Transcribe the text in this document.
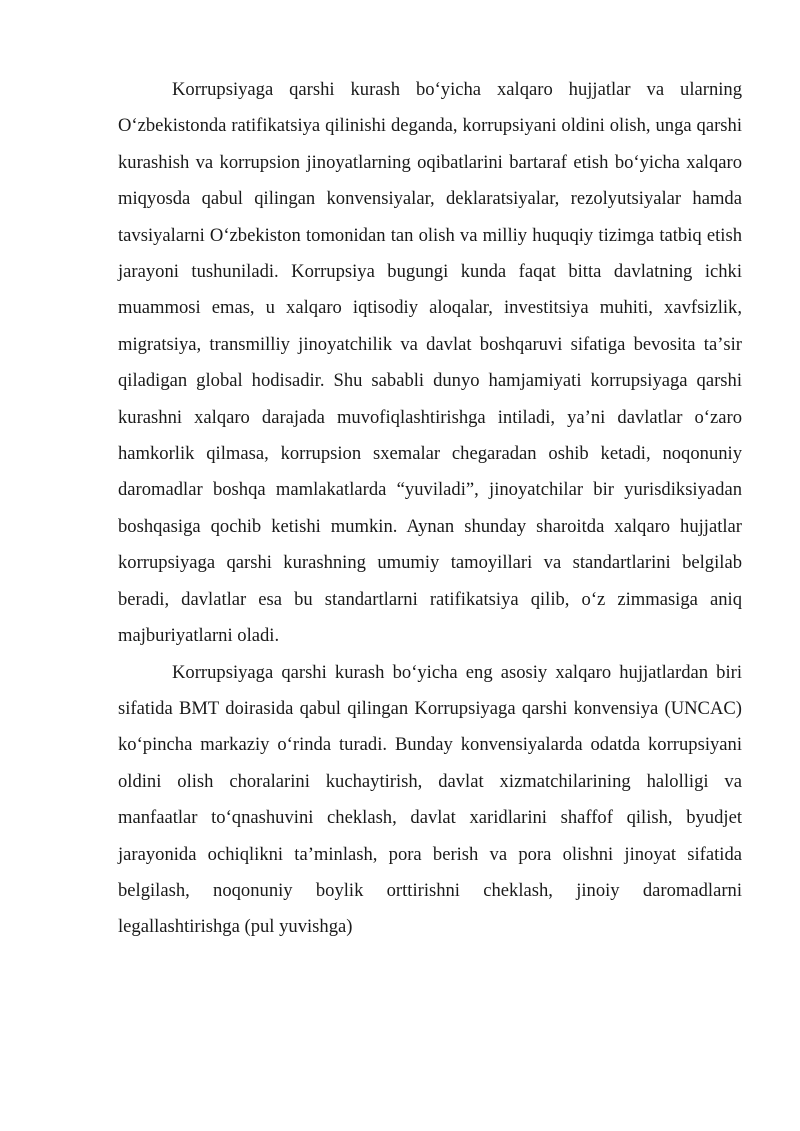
Korrupsiyaga qarshi kurash boʻyicha xalqaro hujjatlar va ularning Oʻzbekistonda ratifikatsiya qilinishi deganda, korrupsiyani oldini olish, unga qarshi kurashish va korrupsion jinoyatlarning oqibatlarini bartaraf etish boʻyicha xalqaro miqyosda qabul qilingan konvensiyalar, deklaratsiyalar, rezolyutsiyalar hamda tavsiyalarni Oʻzbekiston tomonidan tan olish va milliy huquqiy tizimga tatbiq etish jarayoni tushuniladi. Korrupsiya bugungi kunda faqat bitta davlatning ichki muammosi emas, u xalqaro iqtisodiy aloqalar, investitsiya muhiti, xavfsizlik, migratsiya, transmilliy jinoyatchilik va davlat boshqaruvi sifatiga bevosita taʼsir qiladigan global hodisadir. Shu sababli dunyo hamjamiyati korrupsiyaga qarshi kurashni xalqaro darajada muvofiqlashtirishga intiladi, yaʼni davlatlar oʻzaro hamkorlik qilmasa, korrupsion sxemalar chegaradan oshib ketadi, noqonuniy daromadlar boshqa mamlakatlarda “yuviladi”, jinoyatchilar bir yurisdiksiyadan boshqasiga qochib ketishi mumkin. Aynan shunday sharoitda xalqaro hujjatlar korrupsiyaga qarshi kurashning umumiy tamoyillari va standartlarini belgilab beradi, davlatlar esa bu standartlarni ratifikatsiya qilib, oʻz zimmasiga aniq majburiyatlarni oladi.

Korrupsiyaga qarshi kurash boʻyicha eng asosiy xalqaro hujjatlardan biri sifatida BMT doirasida qabul qilingan Korrupsiyaga qarshi konvensiya (UNCAC) koʻpincha markaziy oʻrinda turadi. Bunday konvensiyalarda odatda korrupsiyani oldini olish choralarini kuchaytirish, davlat xizmatchilarining halolligi va manfaatlar toʻqnashuvini cheklash, davlat xaridlarini shaffof qilish, byudjet jarayonida ochiqlikni taʼminlash, pora berish va pora olishni jinoyat sifatida belgilash, noqonuniy boylik orttirishni cheklash, jinoiy daromadlarni legallashtirishga (pul yuvishga)
